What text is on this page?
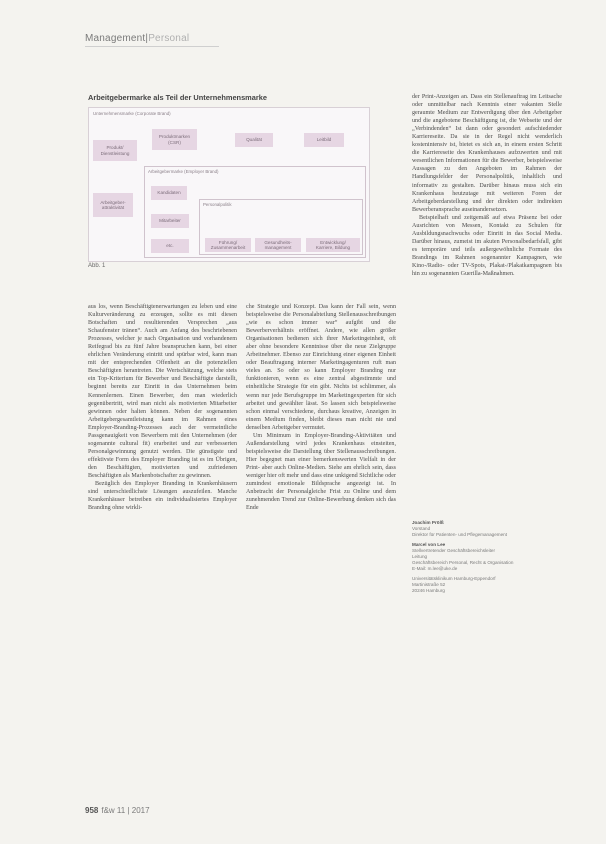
Management|Personal
Arbeitgebermarke als Teil der Unternehmensmarke
Unternehmensmarke (Corporate Brand)
Produkt/
Dienstleistung
Produktmarken
(CSR)	Qualität	Leitbild
Arbeitgebermarke (Employer Brand)
Arbeitgeber-
attraktivität
Kandidaten
Mitarbeiter
etc.
Personalpolitik
Führung/
Zusammenarbeit
Gesundheits-
management
Entwicklung/
Karriere, Bildung
Abb. 1

aus los, wenn Beschäftigtenerwartungen zu leben und eine Kulturveränderung zu erzeugen, sollte es mit diesen Botschaften und resultierenden Versprechen „aus Schaufenster tränen“. Auch am Anfang des beschriebenen Prozesses, welcher je nach Organisation und vorhandenem Reifegrad bis zu fünf Jahre beanspruchen kann, bei einer ehrlichen Veränderung eintritt und spürbar wird, kann man mit der entsprechenden Offenheit an die potenziellen Beschäftigten herantreten. Die Wertschätzung, welche stets ein Top-Kriterium für Bewerber und Beschäftigte darstellt, beginnt bereits zur Einritt in das Unternehmen beim Kennenlernen. Einen Bewerber, den man wiederlich gegenübertritt, wird man nicht als motivierten Mitarbeiter gewinnen oder halten können. Neben der sogenannten Arbeitgebergesamtleistung kann im Rahmen eines Employer-Branding-Prozesses auch der vermeintliche Passgenauigkeit von Bewerbern mit den Unternehmen (der sogenannte cultural fit) erarbeitet und zur verbesserten Personalgewinnung genutzt werden. Die günstigste und effektivste Form des Employer Branding ist es im Übrigen, den Beschäftigten, motivierten und zufriedenen Beschäftigten als Markenbotschafter zu gewinnen.

Bezüglich des Employer Branding in Krankenhäusern sind unterschiedlichste Lösungen auszufeilen. Manche Krankenhäuser betreiben ein individualisiertes Employer Branding ohne wirkli-

che Strategie und Konzept. Das kann der Fall sein, wenn beispielsweise die Personalabteilung Stellenausschreibungen „wie es schon immer war“ aufgibt und die Bewerberverhältnis eröffnet. Andere, wie allen größer Organisationen bedienen sich ihrer Marketingeinheit, oft aber ohne besondere Kenntnisse über die neue Zielgruppe Arbeitnehmer. Ebenso zur Einrichtung einer eigenen Einheit oder Beauftragung interner Marketingagenturen ruft man vieles an. So oder so kann Employer Branding nur funktionieren, wenn es eine zentral abgestimmte und einheitliche Strategie für ein gibt. Nichts ist schlimmer, als wenn nur jede Berufsgruppe im Marketingexperten für sich arbeitet und gewählter lässt. So lassen sich beispielsweise schon einmal verschiedene, durchaus kreative, Anzeigen in einem Medium finden, bleibt dieses man nicht nie und denselben Arbeitgeber vermutet.

Um Minimum in Employer-Branding-Aktivitäten und Außendarstellung wird jedes Krankenhaus einsteiten, beispielsweise die Darstellung über Stellenausschreibungen. Hier begegnet man einer bemerkenswerten Vielfalt in der Print- aber auch Online-Medien. Siehe am ehrlich sein, dass weniger hier oft mehr und dass eine unkigend Sichtliche oder zumindest emotionale Bildsprache angezeigt ist. In Anbetracht der Personalgleiche Frist zu Online und dem zunehmenden Trend zur Online-Bewerbung denken sich das Ende

der Print-Anzeigen an. Dass ein Stellenauftrag im Leitsache oder unmittelbar nach Kenntnis einer vakanten Stelle geraumte Medium zur Entwerdigung über den Arbeitgeber und die angebotene Beschäftigung ist, die Webseite und der „Verbindenden“ Ist dann oder gesondert aufschiedender Karriereseite. Da sie in der Regel nicht wenderlich kostenintensiv ist, bietet es sich an, in einem ersten Schritt die Karriereseite des Krankenhauses aufzuwerten und mit wesentlichen Informationen für die Bewerber, beispielsweise Aussagen zu den Angeboten im Rahmen der Handlungsfelder der Personalpolitik, inhaltlich und informativ zu gestalten. Darüber hinaus muss sich ein Krankenhaus heutzutage mit weiteren Foren der Arbeitgeberdarstellung und der direkten oder indirekten Bewerberansprache auseinandersetzen.

Beispielhaft und zeitgemäß auf etwa Präsenz bei oder Ausrichten von Messen, Kontakt zu Schulen für Ausbildungsnachwuchs oder Einritt in das Social Media. Darüber hinaus, zumeist im akuten Personalbedarfsfall, gibt es temporäre und teils außergewöhnliche Formate des Brandings im Rahmen sogenannter Kampagnen, wie Kino-/Radio- oder TV-Spots, Plakat-/Plakatkampagnen bis hin zu sogenannten Guerilla-Maßnahmen.

Joachim Prölß
Vorstand
Direktor für Patienten- und Pflegemanagement
Marcel von Lee
Stellvertretender Geschäftsbereichsleiter
Leitung
Geschäftsbereich Personal, Recht & Organisation
E-Mail: m.lee@uke.de
Universitätsklinikum Hamburg-Eppendorf
Martinistraße 52
20246 Hamburg
958 f&w 11 | 2017
